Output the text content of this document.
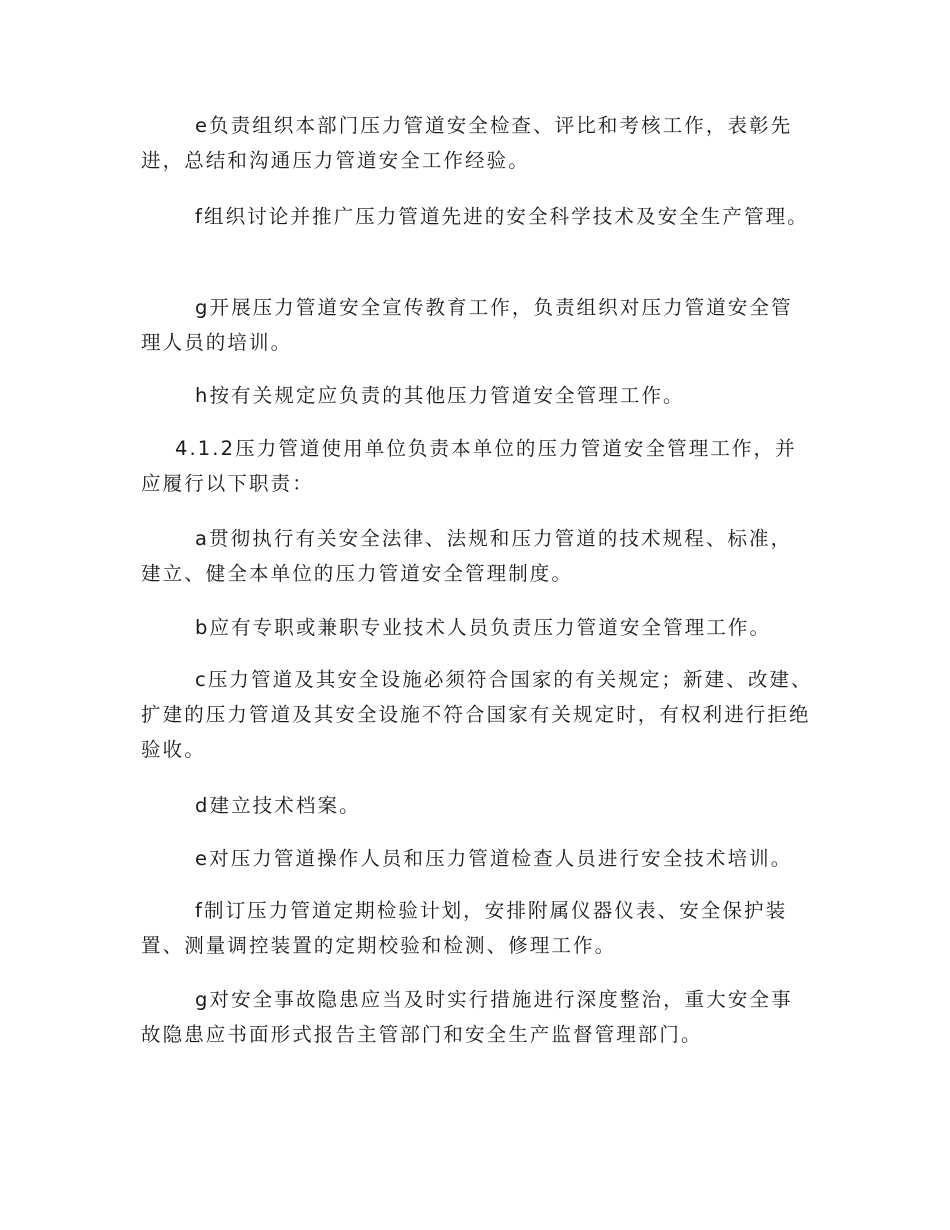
e负责组织本部门压力管道安全检查、评比和考核工作，表彰先进，总结和沟通压力管道安全工作经验。

f组织讨论并推广压力管道先进的安全科学技术及安全生产管理。

g开展压力管道安全宣传教育工作，负责组织对压力管道安全管理人员的培训。

h按有关规定应负责的其他压力管道安全管理工作。

4.1.2压力管道使用单位负责本单位的压力管道安全管理工作，并应履行以下职责：

a贯彻执行有关安全法律、法规和压力管道的技术规程、标准，建立、健全本单位的压力管道安全管理制度。

b应有专职或兼职专业技术人员负责压力管道安全管理工作。

c压力管道及其安全设施必须符合国家的有关规定；新建、改建、扩建的压力管道及其安全设施不符合国家有关规定时，有权利进行拒绝验收。

d建立技术档案。

e对压力管道操作人员和压力管道检查人员进行安全技术培训。

f制订压力管道定期检验计划，安排附属仪器仪表、安全保护装置、测量调控装置的定期校验和检测、修理工作。

g对安全事故隐患应当及时实行措施进行深度整治，重大安全事故隐患应书面形式报告主管部门和安全生产监督管理部门。
